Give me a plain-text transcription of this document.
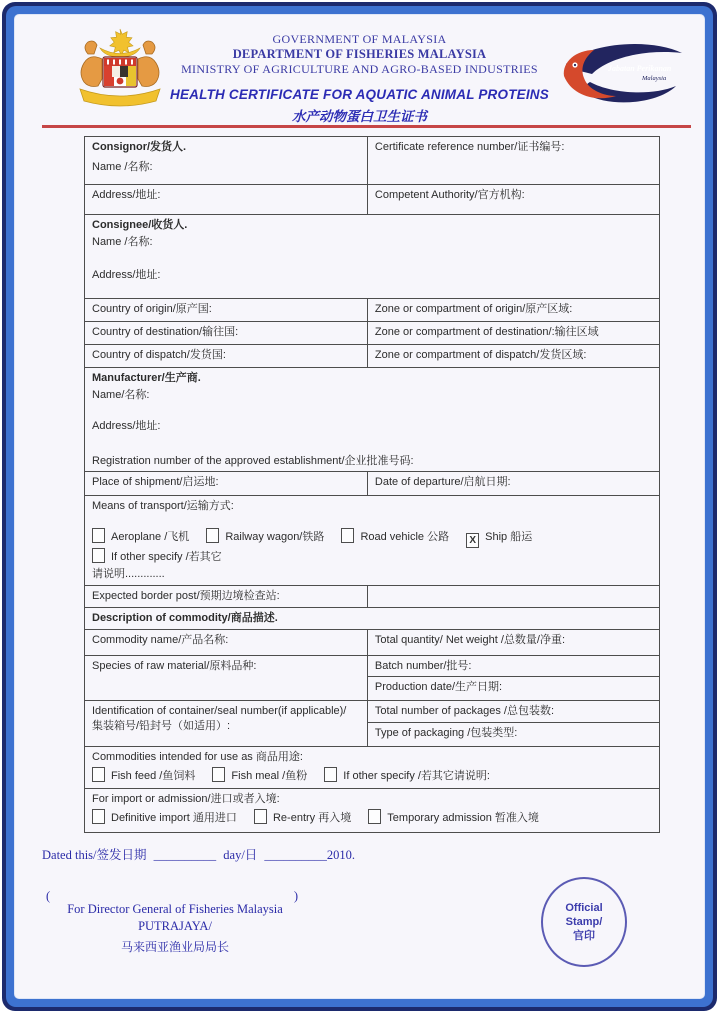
GOVERNMENT OF MALAYSIA
DEPARTMENT OF FISHERIES MALAYSIA
MINISTRY OF AGRICULTURE AND AGRO-BASED INDUSTRIES
HEALTH CERTIFICATE FOR AQUATIC ANIMAL PROTEINS
水产动物蛋白卫生证书
Jabatan Perikanan
Malaysia
Consignor/发货人.
Name /名称:	Certificate reference number/证书编号:
Address/地址:	Competent Authority/官方机构:

Consignee/收货人.
Name /名称:
Address/地址:	

Country of origin/原产国:	Zone or compartment of origin/原产区域:
Country of destination/输往国:	Zone or compartment of destination/:输往区域
Country of dispatch/发货国:	Zone or compartment of dispatch/发货区域:

Manufacturer/生产商.
Name/名称:
Address/地址:
Registration number of the approved establishment/企业批准号码:	

Place of shipment/启运地:	Date of departure/启航日期:

Means of transport/运输方式:
Aeroplane /飞机 Railway wagon/铁路 Road vehicle 公路 X Ship 船运 If other specify /若其它
请说明.............	

Expected border post/预期边境检查站:	
Description of commodity/商品描述.	
Commodity name/产品名称:	Total quantity/ Net weight /总数量/净重:
Species of raw material/原料品种:	Batch number/批号:
	Production date/生产日期:

Identification of container/seal number(if applicable)/
集装箱号/铅封号（如适用）:	Total number of packages /总包装数:
	Type of packaging /包装类型:

Commodities intended for use as 商品用途:
Fish feed /鱼饲料 Fish meal /鱼粉 If other specify /若其它请说明:	

For import or admission/进口或者入境:
Definitive import 通用进口 Re-entry 再入境 Temporary admission 暂准入境	
Dated this/签发日期 __________ day/日 __________2010.
(	)
For Director General of Fisheries Malaysia
PUTRAJAYA/
马来西亚渔业局局长
Official
Stamp/
官印
